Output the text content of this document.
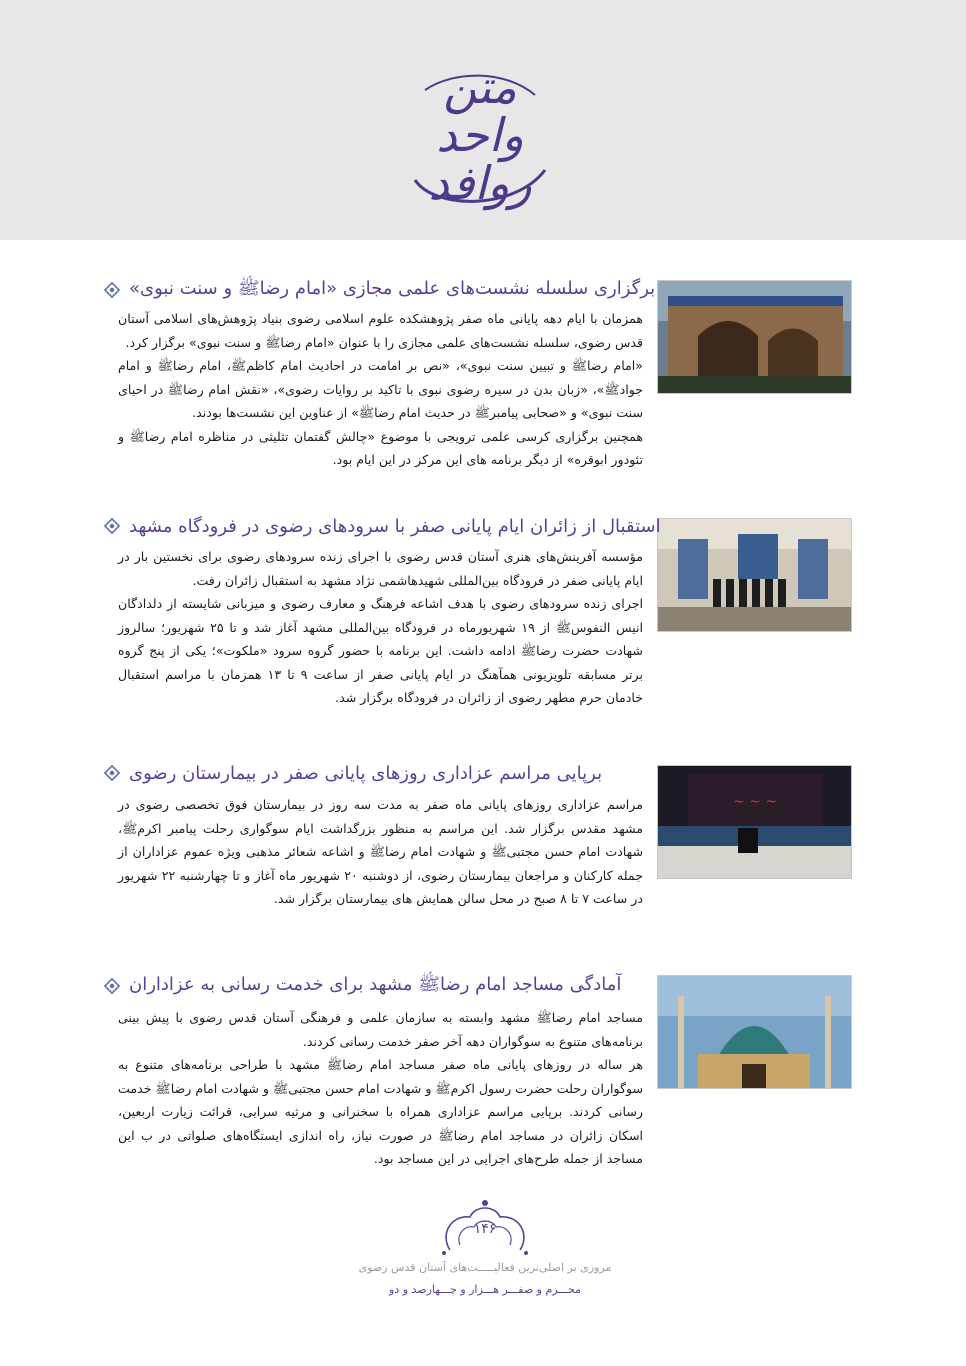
متن واحد روافد
برگزاری سلسله نشست‌های علمی مجازی «امام رضاﷺ و سنت نبوی»

همزمان با ایام دهه پایانی ماه صفر پژوهشکده علوم اسلامی رضوی بنیاد پژوهش‌های اسلامی آستان قدس رضوی، سلسله نشست‌های علمی مجازی را با عنوان «امام رضاﷺ و سنت نبوی» برگزار کرد.

«امام رضاﷺ و تبیین سنت نبوی»، «نص بر امامت در احادیث امام کاظمﷺ، امام رضاﷺ و امام جوادﷺ»، «زبان بدن در سیره رضوی نبوی با تاکید بر روایات رضوی»، «نقش امام رضاﷺ در احیای سنت نبوی» و «صحابی پیامبرﷺ در حدیث امام رضاﷺ» از عناوین این نشست‌ها بودند.

همچنین برگزاری کرسی علمی ترویجی با موضوع «چالش گفتمان تثلیثی در مناظره امام رضاﷺ و تئودور ابوقره» از دیگر برنامه های این مرکز در این ایام بود.

استقبال از زائران ایام پایانی صفر با سرودهای رضوی در فرودگاه مشهد

مؤسسه آفرینش‌های هنری آستان قدس رضوی با اجرای زنده سرودهای رضوی برای نخستین بار در ایام پایانی صفر در فرودگاه بین‌المللی شهیدهاشمی نژاد مشهد به استقبال زائران رفت.

اجرای زنده سرودهای رضوی با هدف اشاعه فرهنگ و معارف رضوی و میزبانی شایسته از دلدادگان انیس النفوسﷺ از ۱۹ شهریورماه در فرودگاه بین‌المللی مشهد آغاز شد و تا ۲۵ شهریور؛ سالروز شهادت حضرت رضاﷺ ادامه داشت. این برنامه با حضور گروه سرود «ملکوت»؛ یکی از پنج گروه برتر مسابقه تلویزیونی همآهنگ در ایام پایانی صفر از ساعت ۹ تا ۱۳ همزمان با مراسم استقبال خادمان حرم مطهر رضوی از زائران در فرودگاه برگزار شد.

~ ~ ~
برپایی مراسم عزاداری روزهای پایانی صفر در بیمارستان رضوی

مراسم عزاداری روزهای پایانی ماه صفر به مدت سه روز در بیمارستان فوق تخصصی رضوی در مشهد مقدس برگزار شد. این مراسم به منظور بزرگداشت ایام سوگواری رحلت پیامبر اکرمﷺ، شهادت امام حسن مجتبیﷺ و شهادت امام رضاﷺ و اشاعه شعائر مذهبی ویژه عموم عزاداران از جمله کارکنان و مراجعان بیمارستان رضوی، از دوشنبه ۲۰ شهریور ماه آغاز و تا چهارشنبه ۲۲ شهریور در ساعت ۷ تا ۸ صبح در محل سالن همایش های بیمارستان برگزار شد.

آمادگی مساجد امام رضاﷺ مشهد برای خدمت رسانی به عزاداران

مساجد امام رضاﷺ مشهد وابسته به سازمان علمی و فرهنگی آستان قدس رضوی با پیش بینی برنامه‌های متنوع به سوگواران دهه آخر صفر خدمت رسانی کردند.

هر ساله در روزهای پایانی ماه صفر مساجد امام رضاﷺ مشهد با طراحی برنامه‌های متنوع به سوگواران رحلت حضرت رسول اکرمﷺ و شهادت امام حسن مجتبیﷺ و شهادت امام رضاﷺ خدمت رسانی کردند. برپایی مراسم عزاداری همراه با سخنرانی و مرثیه سرایی، قرائت زیارت اربعین، اسکان زائران در مساجد امام رضاﷺ در صورت نیاز، راه اندازی ایستگاه‌های صلواتی در ب این مساجد از جمله طرح‌های اجرایی در این مساجد بود.

۱۴۶
مروری بر اصلی‌ترین فعالیـــــت‌های آستان قدس رضوی
محـــرم و صفـــر هـــزار و چـــهارصد و دو
